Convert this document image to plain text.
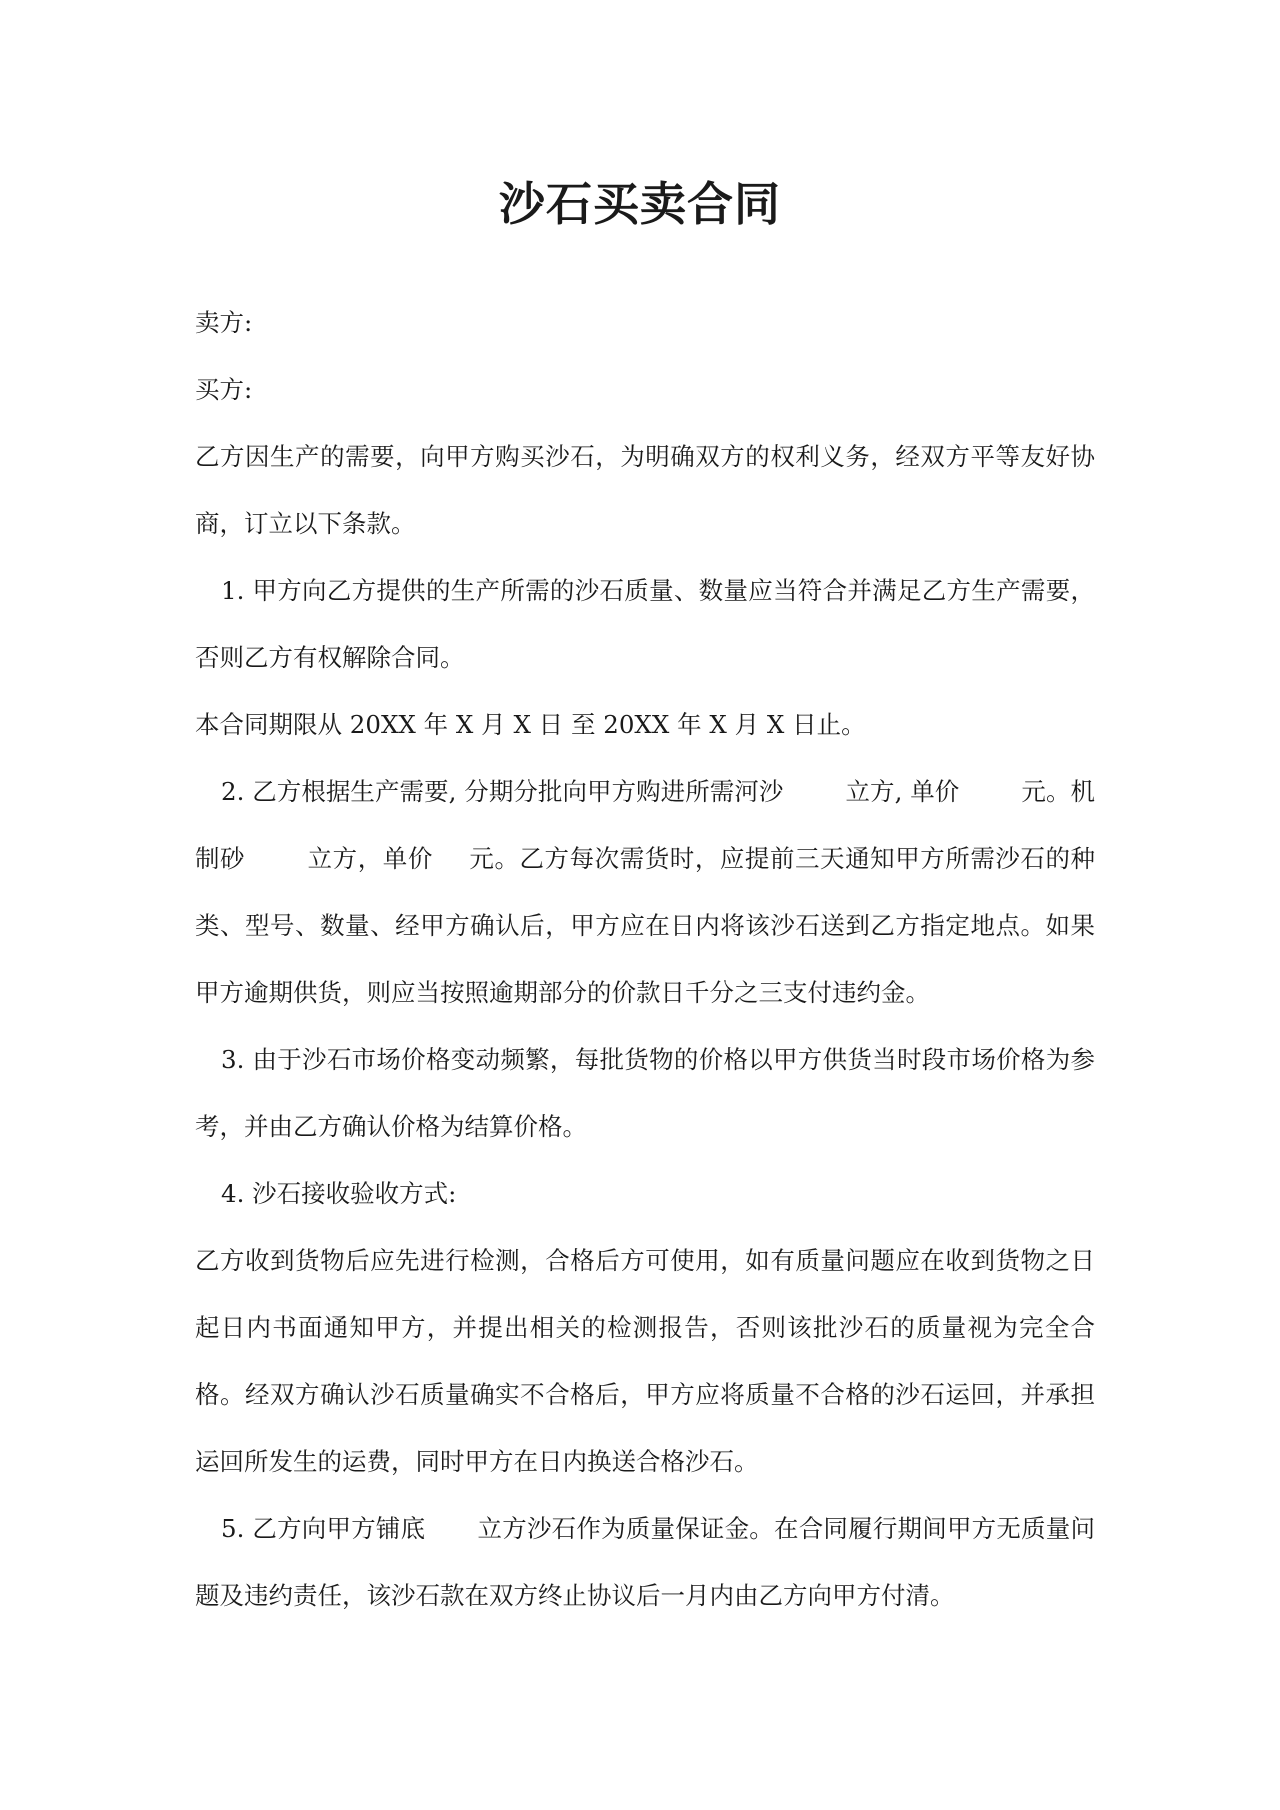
沙石买卖合同

卖方:

买方:

乙方因生产的需要，向甲方购买沙石，为明确双方的权利义务，经双方平等友好协商，订立以下条款。

1. 甲方向乙方提供的生产所需的沙石质量、数量应当符合并满足乙方生产需要，否则乙方有权解除合同。

本合同期限从 20XX 年 X 月 X 日 至 20XX 年 X 月 X 日止。

2. 乙方根据生产需要, 分期分批向甲方购进所需河沙	立方, 单价	元。机制砂	立方，单价 元。乙方每次需货时，应提前三天通知甲方所需沙石的种类、型号、数量、经甲方确认后，甲方应在日内将该沙石送到乙方指定地点。如果甲方逾期供货，则应当按照逾期部分的价款日千分之三支付违约金。

3. 由于沙石市场价格变动频繁，每批货物的价格以甲方供货当时段市场价格为参考，并由乙方确认价格为结算价格。

4. 沙石接收验收方式:

乙方收到货物后应先进行检测，合格后方可使用，如有质量问题应在收到货物之日起日内书面通知甲方，并提出相关的检测报告，否则该批沙石的质量视为完全合格。经双方确认沙石质量确实不合格后，甲方应将质量不合格的沙石运回，并承担运回所发生的运费，同时甲方在日内换送合格沙石。

5. 乙方向甲方铺底 立方沙石作为质量保证金。在合同履行期间甲方无质量问题及违约责任，该沙石款在双方终止协议后一月内由乙方向甲方付清。
